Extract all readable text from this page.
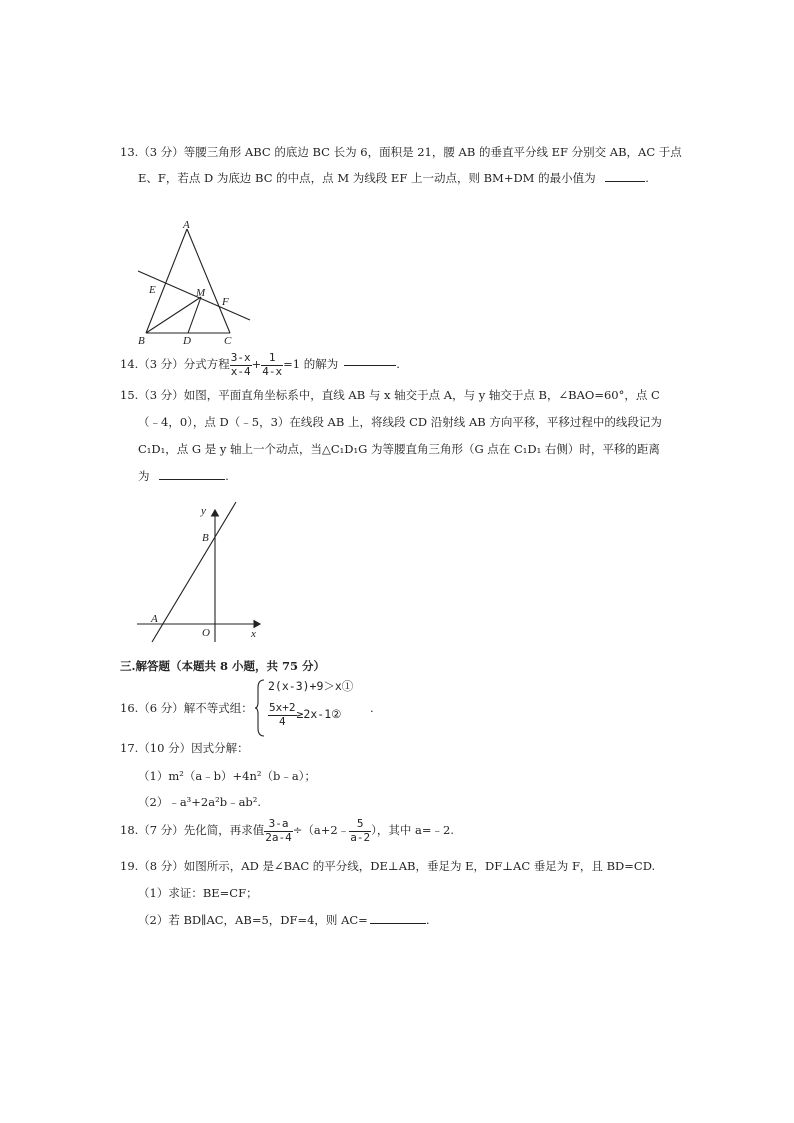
13.（3 分）等腰三角形 ABC 的底边 BC 长为 6，面积是 21，腰 AB 的垂直平分线 EF 分别交 AB，AC 于点
E、F，若点 D 为底边 BC 的中点，点 M 为线段 EF 上一动点，则 BM+DM 的最小值为	.
A
E	M
F
B	D	C
14.（3 分）分式方程 $\frac{3-x}{x-4} + \frac{1}{4-x} =1$ 的解为	.
15.（3 分）如图，平面直角坐标系中，直线 AB 与 x 轴交于点 A，与 y 轴交于点 B，∠BAO=60°，点 C
（﹣4，0），点 D（﹣5，3）在线段 AB 上，将线段 CD 沿射线 AB 方向平移，平移过程中的线段记为
C₁D₁，点 G 是 y 轴上一个动点，当△C₁D₁G 为等腰直角三角形（G 点在 C₁D₁ 右侧）时，平移的距离
为	.
y
B
A
O	x
三.解答题（本题共 8 小题，共 75 分）
16.（6 分）解不等式组：
2(x-3)+9＞x①
$\frac{5x+2}{4}$ ≥2x-1② .
17.（10 分）因式分解：
（1）m²（a﹣b）+4n²（b﹣a）；
（2）﹣a³+2a²b﹣ab².
18.（7 分）先化简，再求值 $\frac{3-a}{2a-4}$ ÷（a+2﹣ $\frac{5}{a-2}$ ），其中 a=﹣2.
19.（8 分）如图所示，AD 是∠BAC 的平分线，DE⊥AB，垂足为 E，DF⊥AC 垂足为 F，且 BD=CD.
（1）求证：BE=CF；
（2）若 BD∥AC，AB=5，DF=4，则 AC=	.
